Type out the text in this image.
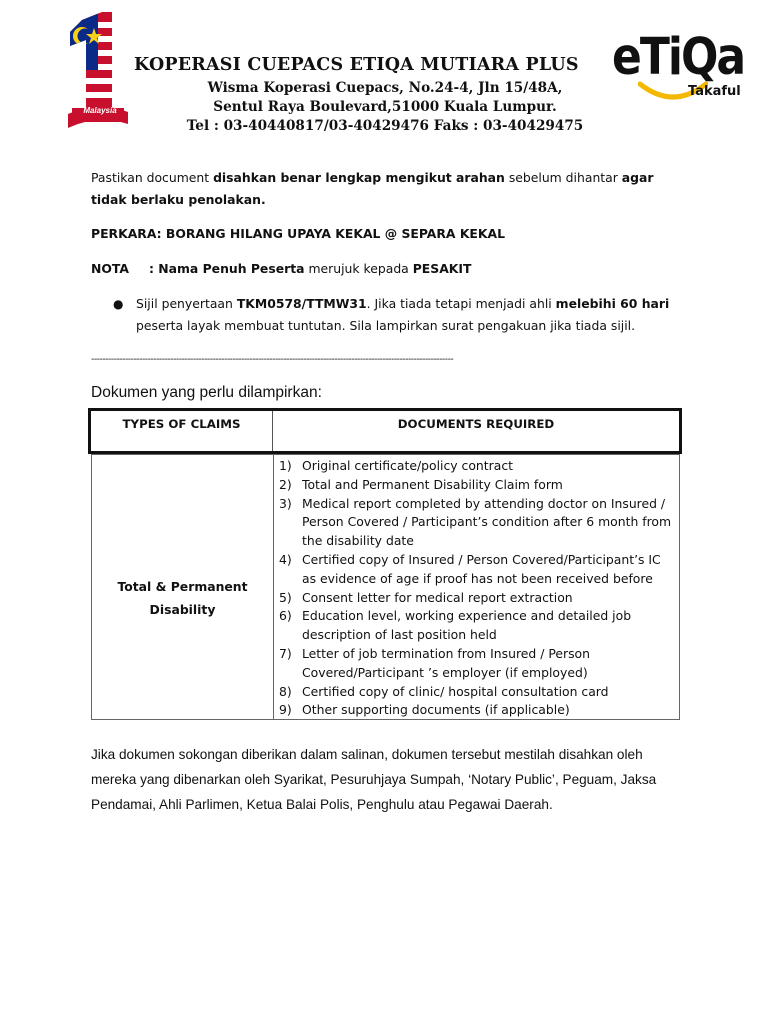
Malaysia
eTiQa
Takaful
KOPERASI CUEPACS ETIQA MUTIARA PLUS
Wisma Koperasi Cuepacs, No.24-4, Jln 15/48A,
Sentul Raya Boulevard,51000 Kuala Lumpur.
Tel : 03-40440817/03-40429476 Faks : 03-40429475
Pastikan document disahkan benar lengkap mengikut arahan sebelum dihantar agar tidak berlaku penolakan.
PERKARA: BORANG HILANG UPAYA KEKAL @ SEPARA KEKAL
NOTA : Nama Penuh Peserta merujuk kepada PESAKIT
● Sijil penyertaan TKM0578/TTMW31. Jika tiada tetapi menjadi ahli melebihi 60 hari peserta layak membuat tuntutan. Sila lampirkan surat pengakuan jika tiada sijil.
--------------------------------------------------------------------------------------------------------------------------------
Dokumen yang perlu dilampirkan:
TYPES OF CLAIMS	DOCUMENTS REQUIRED
Total & Permanent
Disability
1) Original certificate/policy contract
2) Total and Permanent Disability Claim form
3) Medical report completed by attending doctor on Insured / Person Covered / Participant’s condition after 6 month from the disability date
4) Certified copy of Insured / Person Covered/Participant’s IC as evidence of age if proof has not been received before
5) Consent letter for medical report extraction
6) Education level, working experience and detailed job description of last position held
7) Letter of job termination from Insured / Person Covered/Participant ’s employer (if employed)
8) Certified copy of clinic/ hospital consultation card
9) Other supporting documents (if applicable)
Jika dokumen sokongan diberikan dalam salinan, dokumen tersebut mestilah disahkan oleh mereka yang dibenarkan oleh Syarikat, Pesuruhjaya Sumpah, ‘Notary Public’, Peguam, Jaksa Pendamai, Ahli Parlimen, Ketua Balai Polis, Penghulu atau Pegawai Daerah.
